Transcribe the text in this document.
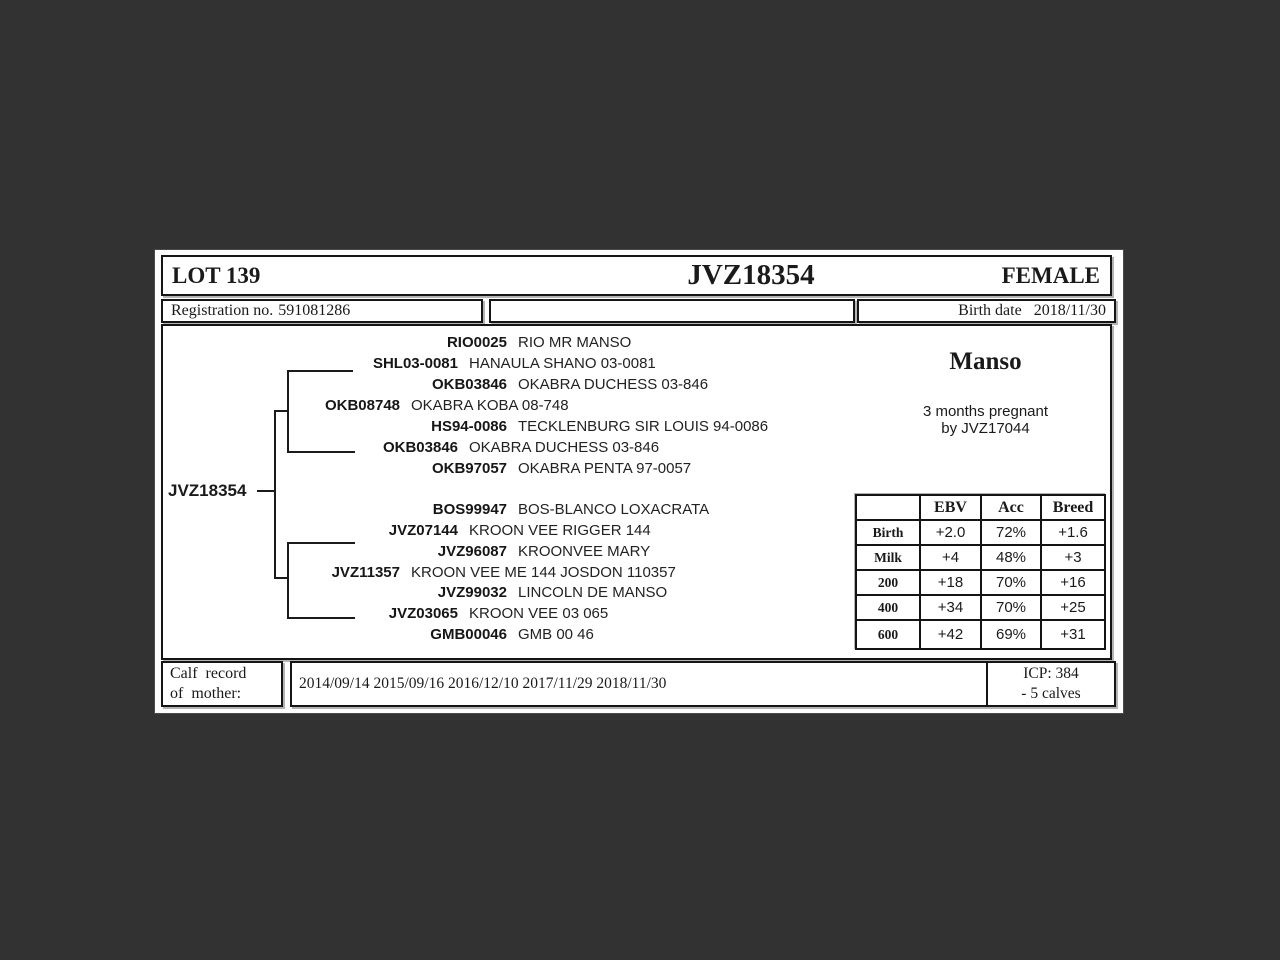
LOT 139	JVZ18354	FEMALE
Registration no. 591081286	Birth date 2018/11/30
JVZ18354
RIO0025 RIO MR MANSO
SHL03-0081 HANAULA SHANO 03-0081
OKB03846 OKABRA DUCHESS 03-846
OKB08748 OKABRA KOBA 08-748
HS94-0086 TECKLENBURG SIR LOUIS 94-0086
OKB03846 OKABRA DUCHESS 03-846
OKB97057 OKABRA PENTA 97-0057
BOS99947 BOS-BLANCO LOXACRATA
JVZ07144 KROON VEE RIGGER 144
JVZ96087 KROONVEE MARY
JVZ11357 KROON VEE ME 144 JOSDON 110357
JVZ99032 LINCOLN DE MANSO
JVZ03065 KROON VEE 03 065
GMB00046 GMB 00 46
Manso
3 months pregnant
by JVZ17044
	EBV	Acc	Breed
Birth	+2.0	72%	+1.6
Milk	+4	48%	+3
200	+18	70%	+16
400	+34	70%	+25
600	+42	69%	+31
Calf record
of mother:
2014/09/14 2015/09/16 2016/12/10 2017/11/29 2018/11/30
ICP: 384
- 5 calves
